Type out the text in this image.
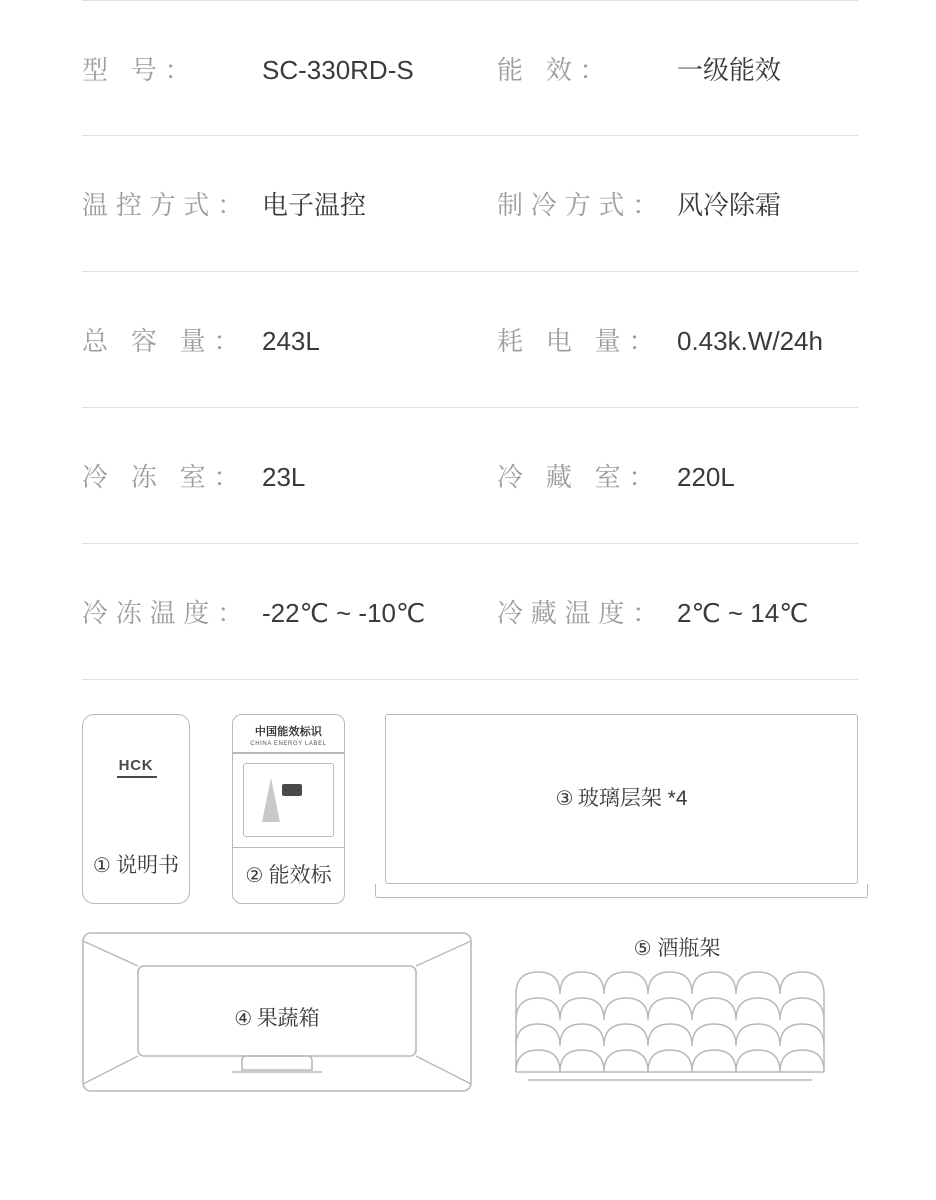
型 号：	SC-330RD-S	能 效：	一级能效
温控方式： 电子温控	制冷方式： 风冷除霜
总 容 量： 243L	耗 电 量： 0.43k.W/24h
冷 冻 室： 23L	冷 藏 室： 220L
冷冻温度： -22℃ ~ -10℃	冷藏温度： 2℃ ~ 14℃
HCK
① 说明书
中国能效标识
CHINA ENERGY LABEL
② 能效标
③ 玻璃层架 *4
④ 果蔬箱
⑤ 酒瓶架
